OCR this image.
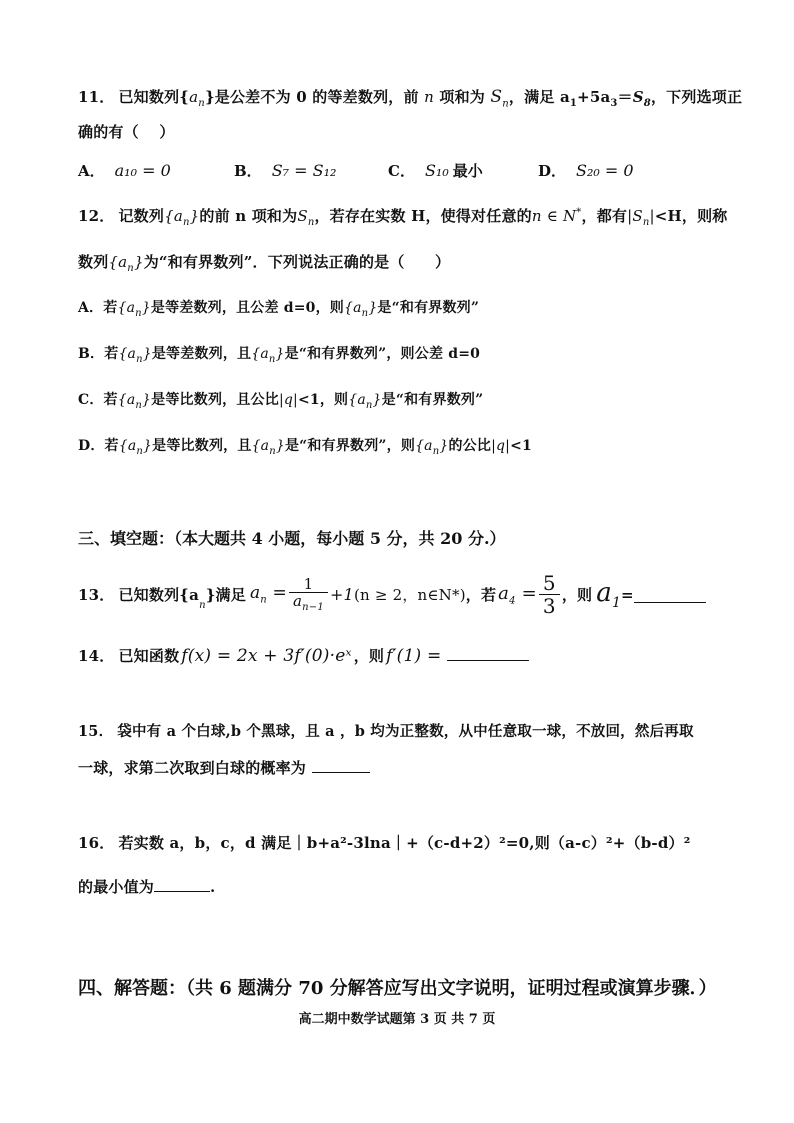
11． 已知数列$\{a_n\}$是公差不为 0 的等差数列，前 n 项和为 $S_n$，满足 $a_1+5a_3=S_8$，下列选项正
确的有（　 ）
A． a₁₀ = 0	B． S₇ = S₁₂	C． S₁₀ 最小	D． S₂₀ = 0
12． 记数列$\{a_n\}$的前 n 项和为$S_n$，若存在实数 H，使得对任意的n ∈ N*，都有$|S_n|<H$，则称
数列$\{a_n\}$为“和有界数列”．下列说法正确的是（　　）
A．若$\{a_n\}$是等差数列，且公差 d=0，则$\{a_n\}$是“和有界数列”
B．若$\{a_n\}$是等差数列，且$\{a_n\}$是“和有界数列”，则公差 d=0
C．若$\{a_n\}$是等比数列，且公比|q|<1，则$\{a_n\}$是“和有界数列”
D．若$\{a_n\}$是等比数列，且$\{a_n\}$是“和有界数列”，则$\{a_n\}$的公比|q|<1
三、填空题：（本大题共 4 小题，每小题 5 分，共 20 分.）
13． 已知数列{a
n
}满足 $a_n = \frac{1}{a_{n-1}} +1$ (n ≥ 2，n∈N*) ，若 $a_4 = \frac{5}{3}$ ，则 $a_1$ =
14． 已知函数 f(x) = 2x + 3f′(0)·eˣ ，则 f′(1) =
15． 袋中有 a 个白球,b 个黑球，且 a ，b 均为正整数，从中任意取一球，不放回，然后再取
一球，求第二次取到白球的概率为
16． 若实数 a，b，c，d 满足｜b+a²-3lna｜+（c-d+2）²=0,则（a-c）²+（b-d）²
的最小值为	.
四、解答题：（共 6 题满分 70 分解答应写出文字说明，证明过程或演算步骤．）
高二期中数学试题第 3 页 共 7 页
